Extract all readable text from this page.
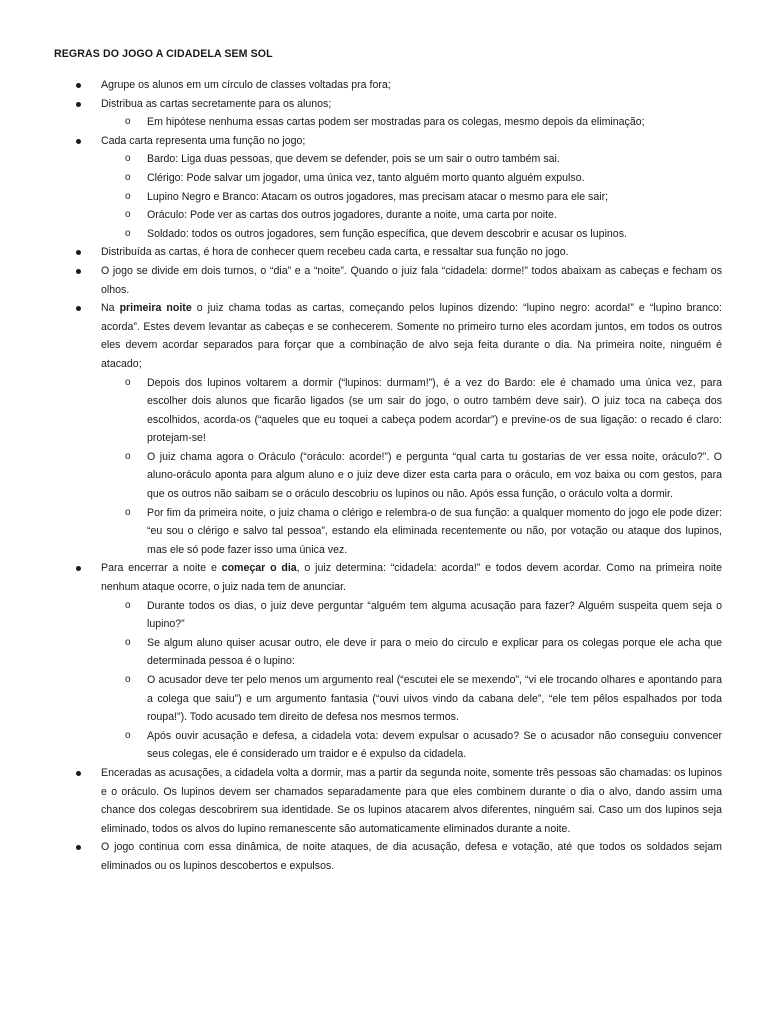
REGRAS DO JOGO A CIDADELA SEM SOL
Agrupe os alunos em um círculo de classes voltadas pra fora;
Distribua as cartas secretamente para os alunos;
o Em hipótese nenhuma essas cartas podem ser mostradas para os colegas, mesmo depois da eliminação;
Cada carta representa uma função no jogo;
o Bardo: Liga duas pessoas, que devem se defender, pois se um sair o outro também sai.
o Clérigo: Pode salvar um jogador, uma única vez, tanto alguém morto quanto alguém expulso.
o Lupino Negro e Branco: Atacam os outros jogadores, mas precisam atacar o mesmo para ele sair;
o Oráculo: Pode ver as cartas dos outros jogadores, durante a noite, uma carta por noite.
o Soldado: todos os outros jogadores, sem função específica, que devem descobrir e acusar os lupinos.
Distribuída as cartas, é hora de conhecer quem recebeu cada carta, e ressaltar sua função no jogo.
O jogo se divide em dois turnos, o “dia” e a “noite”. Quando o juiz fala “cidadela: dorme!” todos abaixam as cabeças e fecham os olhos.
Na primeira noite o juiz chama todas as cartas, começando pelos lupinos dizendo: “lupino negro: acorda!” e “lupino branco: acorda”. Estes devem levantar as cabeças e se conhecerem. Somente no primeiro turno eles acordam juntos, em todos os outros eles devem acordar separados para forçar que a combinação de alvo seja feita durante o dia. Na primeira noite, ninguém é atacado;
o Depois dos lupinos voltarem a dormir (“lupinos: durmam!”), é a vez do Bardo: ele é chamado uma única vez, para escolher dois alunos que ficarão ligados (se um sair do jogo, o outro também deve sair). O juiz toca na cabeça dos escolhidos, acorda-os (“aqueles que eu toquei a cabeça podem acordar”) e previne-os de sua ligação: o recado é claro: protejam-se!
o O juiz chama agora o Oráculo (“oráculo: acorde!”) e pergunta “qual carta tu gostarias de ver essa noite, oráculo?”. O aluno-oráculo aponta para algum aluno e o juiz deve dizer esta carta para o oráculo, em voz baixa ou com gestos, para que os outros não saibam se o oráculo descobriu os lupinos ou não. Após essa função, o oráculo volta a dormir.
o Por fim da primeira noite, o juiz chama o clérigo e relembra-o de sua função: a qualquer momento do jogo ele pode dizer: “eu sou o clérigo e salvo tal pessoa”, estando ela eliminada recentemente ou não, por votação ou ataque dos lupinos, mas ele só pode fazer isso uma única vez.
Para encerrar a noite e começar o dia, o juiz determina: “cidadela: acorda!” e todos devem acordar. Como na primeira noite nenhum ataque ocorre, o juiz nada tem de anunciar.
o Durante todos os dias, o juiz deve perguntar “alguém tem alguma acusação para fazer? Alguém suspeita quem seja o lupino?”
o Se algum aluno quiser acusar outro, ele deve ir para o meio do circulo e explicar para os colegas porque ele acha que determinada pessoa é o lupino:
o O acusador deve ter pelo menos um argumento real (“escutei ele se mexendo”, “vi ele trocando olhares e apontando para a colega que saiu”) e um argumento fantasia (“ouvi uivos vindo da cabana dele”, “ele tem pêlos espalhados por toda roupa!”). Todo acusado tem direito de defesa nos mesmos termos.
o Após ouvir acusação e defesa, a cidadela vota: devem expulsar o acusado? Se o acusador não conseguiu convencer seus colegas, ele é considerado um traidor e é expulso da cidadela.
Enceradas as acusações, a cidadela volta a dormir, mas a partir da segunda noite, somente três pessoas são chamadas: os lupinos e o oráculo. Os lupinos devem ser chamados separadamente para que eles combinem durante o dia o alvo, dando assim uma chance dos colegas descobrirem sua identidade. Se os lupinos atacarem alvos diferentes, ninguém sai. Caso um dos lupinos seja eliminado, todos os alvos do lupino remanescente são automaticamente eliminados durante a noite.
O jogo continua com essa dinâmica, de noite ataques, de dia acusação, defesa e votação, até que todos os soldados sejam eliminados ou os lupinos descobertos e expulsos.
